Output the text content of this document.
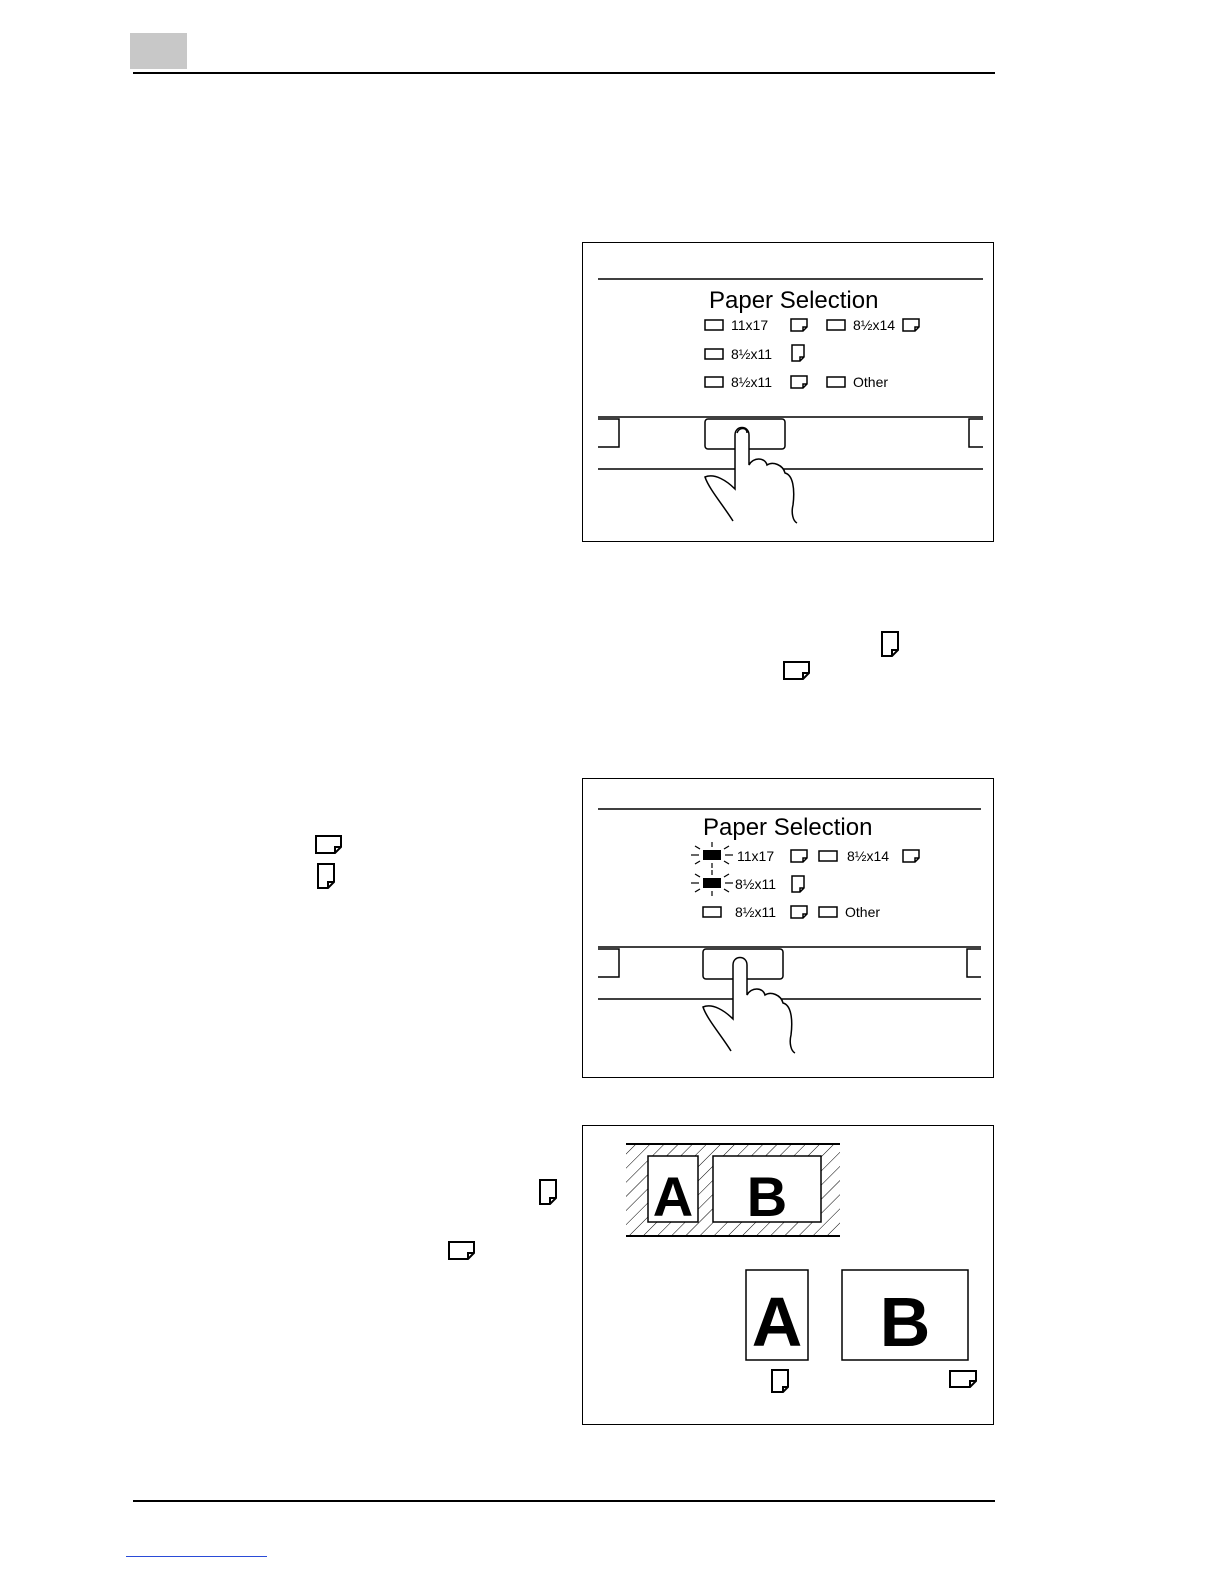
Paper Selection
11x17	8½x14
8½x11
8½x11	Other
Paper Selection
11x17	8½x14
8½x11
8½x11	Other
A B
A B
